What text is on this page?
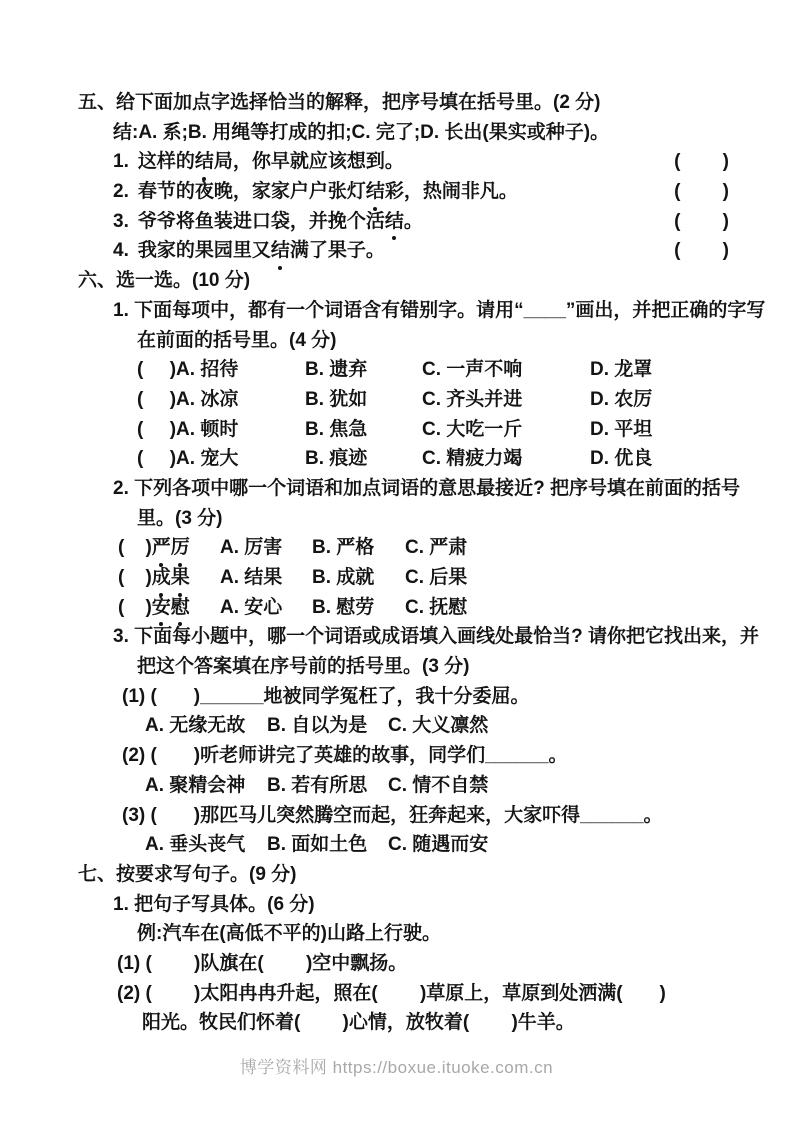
五、给下面加点字选择恰当的解释，把序号填在括号里。(2 分)
结:A. 系;B. 用绳等打成的扣;C. 完了;D. 长出(果实或种子)。
1. 这样的结局，你早就应该想到。	(        )
2. 春节的夜晚，家家户户张灯结彩，热闹非凡。	(        )
3. 爷爷将鱼装进口袋，并挽个活结。	(        )
4. 我家的果园里又结满了果子。	(        )
六、选一选。(10 分)
1. 下面每项中，都有一个词语含有错别字。请用“____”画出，并把正确的字写
在前面的括号里。(4 分)
(     )A. 招待	B. 遗弃	C. 一声不响	D. 龙罩
(     )A. 冰凉	B. 犹如	C. 齐头并进	D. 农厉
(     )A. 顿时	B. 焦急	C. 大吃一斤	D. 平坦
(     )A. 宠大	B. 痕迹	C. 精疲力竭	D. 优良
2. 下列各项中哪一个词语和加点词语的意思最接近? 把序号填在前面的括号
里。(3 分)
(    )严厉	A. 厉害	B. 严格	C. 严肃
(    )成果	A. 结果	B. 成就	C. 后果
(    )安慰	A. 安心	B. 慰劳	C. 抚慰
3. 下面每小题中，哪一个词语或成语填入画线处最恰当? 请你把它找出来，并
把这个答案填在序号前的括号里。(3 分)
(1) (       )______地被同学冤枉了，我十分委屈。
A. 无缘无故	B. 自以为是	C. 大义凛然
(2) (       )听老师讲完了英雄的故事，同学们______。
A. 聚精会神	B. 若有所思	C. 情不自禁
(3) (       )那匹马儿突然腾空而起，狂奔起来，大家吓得______。
A. 垂头丧气	B. 面如土色	C. 随遇而安
七、按要求写句子。(9 分)
1. 把句子写具体。(6 分)
例:汽车在(高低不平的)山路上行驶。
(1) (        )队旗在(        )空中飘扬。
(2) (        )太阳冉冉升起，照在(        )草原上，草原到处洒满(       )
阳光。牧民们怀着(        )心情，放牧着(        )牛羊。
博学资料网 https://boxue.ituoke.com.cn
